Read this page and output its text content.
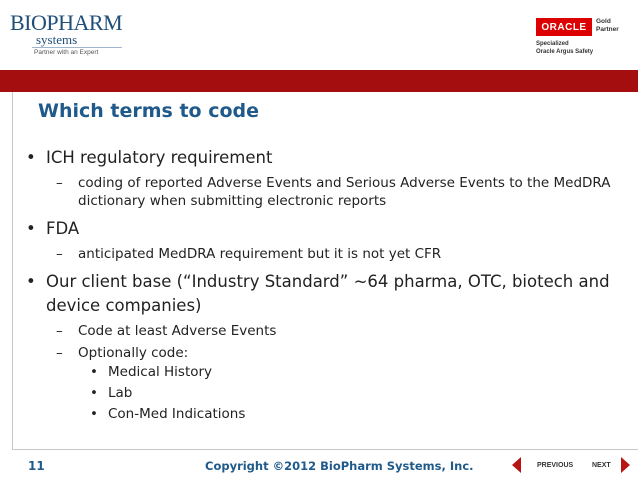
BIOPHARM
systems
Partner with an Expert
ORACLE	Gold Partner
Specialized
Oracle Argus Safety
Which terms to code
• ICH regulatory requirement
– coding of reported Adverse Events and Serious Adverse Events to the MedDRA dictionary when submitting electronic reports
• FDA
– anticipated MedDRA requirement but it is not yet CFR
• Our client base (“Industry Standard” ~64 pharma, OTC, biotech and device companies)
– Code at least Adverse Events
– Optionally code:
• Medical History
• Lab
• Con-Med Indications
11	Copyright ©2012 BioPharm Systems, Inc.	PREVIOUS	NEXT
